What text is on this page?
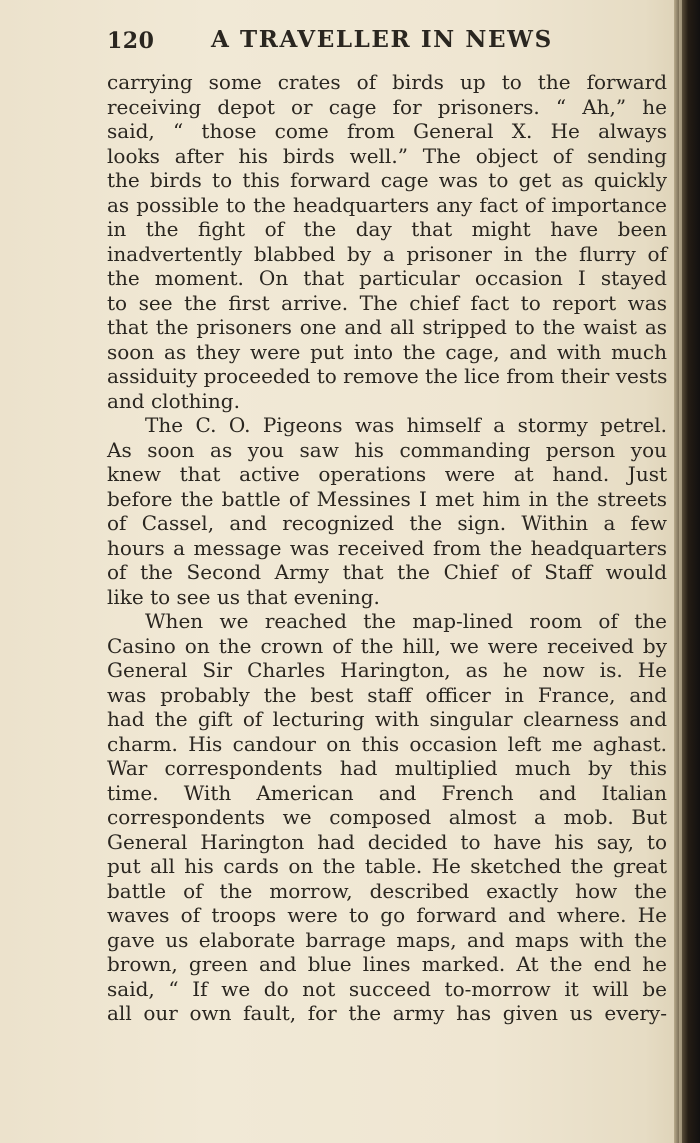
120 A TRAVELLER IN NEWS
carrying some crates of birds up to the forward
receiving depot or cage for prisoners. “ Ah,” he
said, “ those come from General X. He always
looks after his birds well.” The object of sending
the birds to this forward cage was to get as quickly
as possible to the headquarters any fact of importance
in the fight of the day that might have been
inadvertently blabbed by a prisoner in the flurry of
the moment. On that particular occasion I stayed
to see the first arrive. The chief fact to report was
that the prisoners one and all stripped to the waist as
soon as they were put into the cage, and with much
assiduity proceeded to remove the lice from their vests
and clothing.
The C. O. Pigeons was himself a stormy petrel.
As soon as you saw his commanding person you
knew that active operations were at hand. Just
before the battle of Messines I met him in the streets
of Cassel, and recognized the sign. Within a few
hours a message was received from the headquarters
of the Second Army that the Chief of Staff would
like to see us that evening.
When we reached the map-lined room of the
Casino on the crown of the hill, we were received by
General Sir Charles Harington, as he now is. He
was probably the best staff officer in France, and
had the gift of lecturing with singular clearness and
charm. His candour on this occasion left me aghast.
War correspondents had multiplied much by this
time. With American and French and Italian
correspondents we composed almost a mob. But
General Harington had decided to have his say, to
put all his cards on the table. He sketched the great
battle of the morrow, described exactly how the
waves of troops were to go forward and where. He
gave us elaborate barrage maps, and maps with the
brown, green and blue lines marked. At the end he
said, “ If we do not succeed to-morrow it will be
all our own fault, for the army has given us every-
